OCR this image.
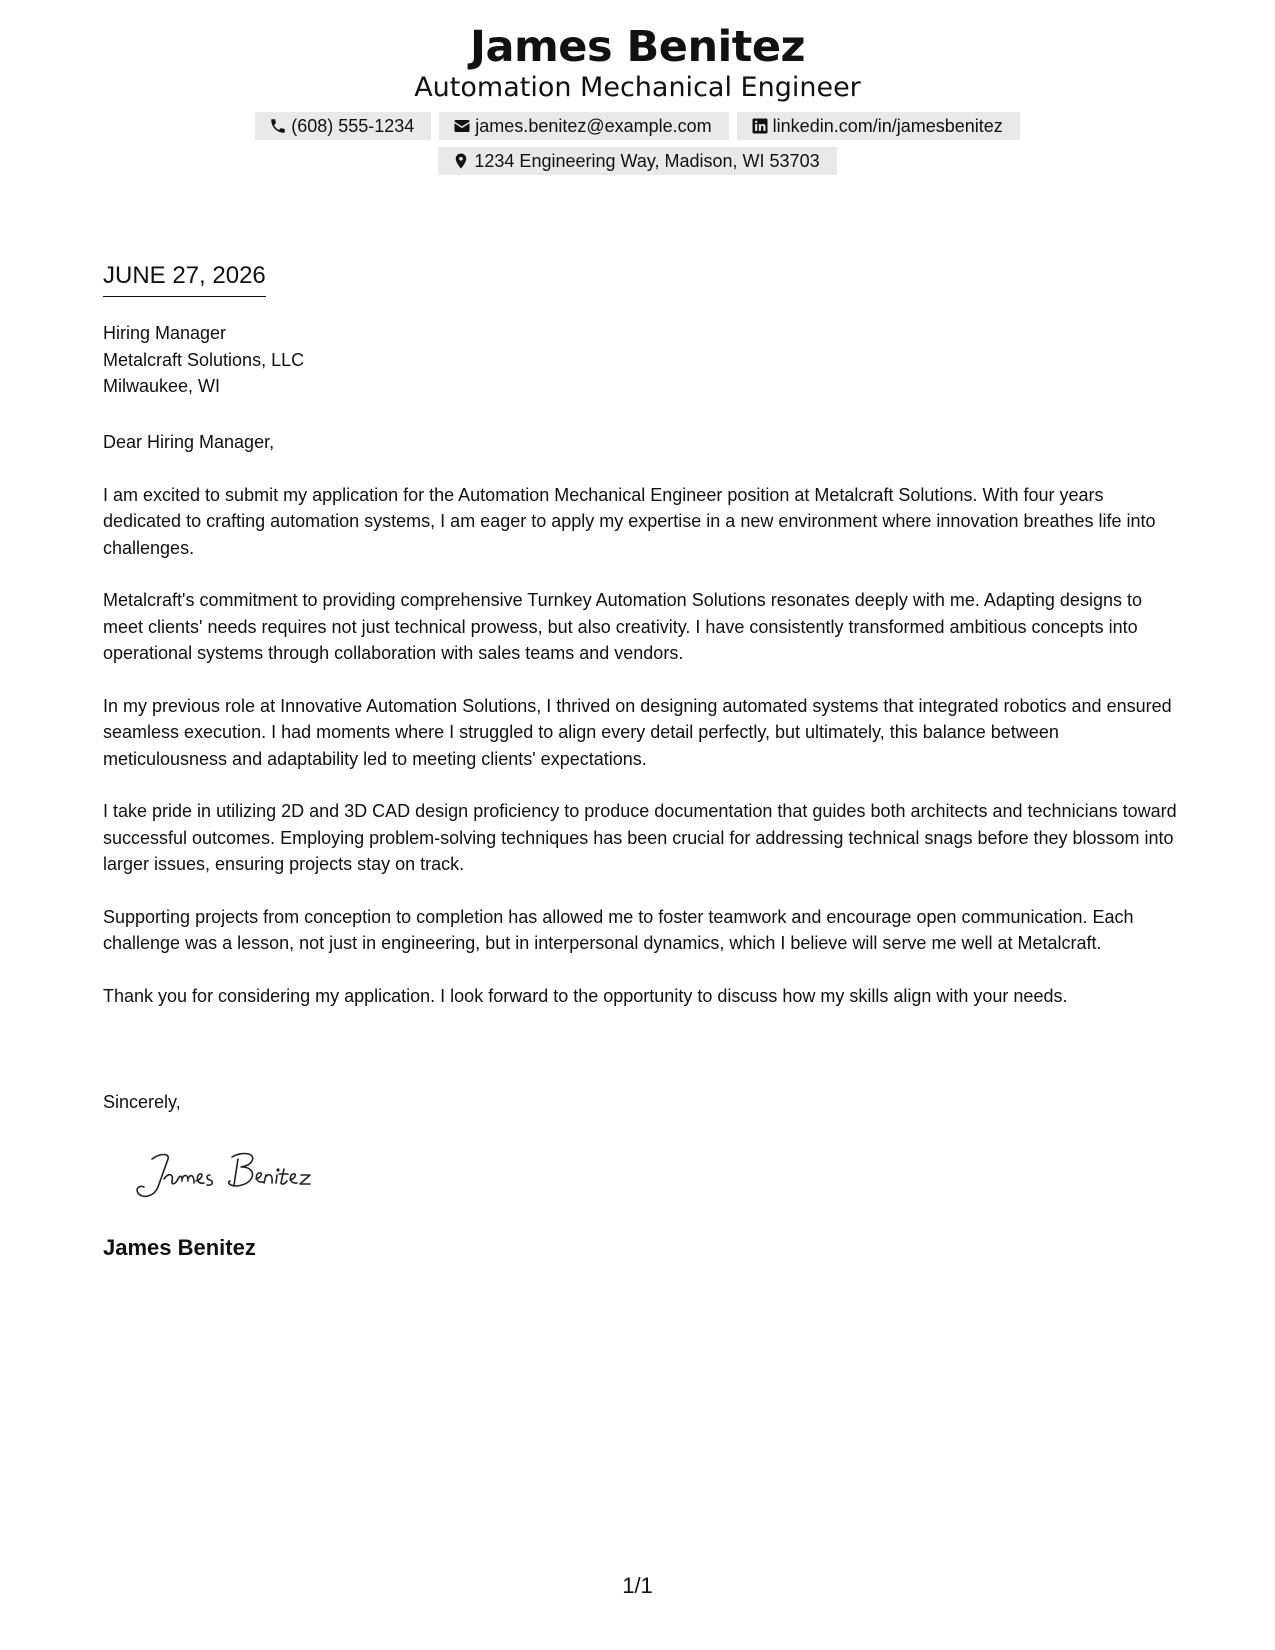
James Benitez
Automation Mechanical Engineer
(608) 555-1234	james.benitez@example.com	linkedin.com/in/jamesbenitez
1234 Engineering Way, Madison, WI 53703
JUNE 27, 2026
Hiring Manager
Metalcraft Solutions, LLC
Milwaukee, WI

Dear Hiring Manager,

I am excited to submit my application for the Automation Mechanical Engineer position at Metalcraft Solutions. With four years dedicated to crafting automation systems, I am eager to apply my expertise in a new environment where innovation breathes life into challenges.

Metalcraft's commitment to providing comprehensive Turnkey Automation Solutions resonates deeply with me. Adapting designs to meet clients' needs requires not just technical prowess, but also creativity. I have consistently transformed ambitious concepts into operational systems through collaboration with sales teams and vendors.

In my previous role at Innovative Automation Solutions, I thrived on designing automated systems that integrated robotics and ensured seamless execution. I had moments where I struggled to align every detail perfectly, but ultimately, this balance between meticulousness and adaptability led to meeting clients' expectations.

I take pride in utilizing 2D and 3D CAD design proficiency to produce documentation that guides both architects and technicians toward successful outcomes. Employing problem-solving techniques has been crucial for addressing technical snags before they blossom into larger issues, ensuring projects stay on track.

Supporting projects from conception to completion has allowed me to foster teamwork and encourage open communication. Each challenge was a lesson, not just in engineering, but in interpersonal dynamics, which I believe will serve me well at Metalcraft.

Thank you for considering my application. I look forward to the opportunity to discuss how my skills align with your needs.

Sincerely,
James Benitez
1/1
